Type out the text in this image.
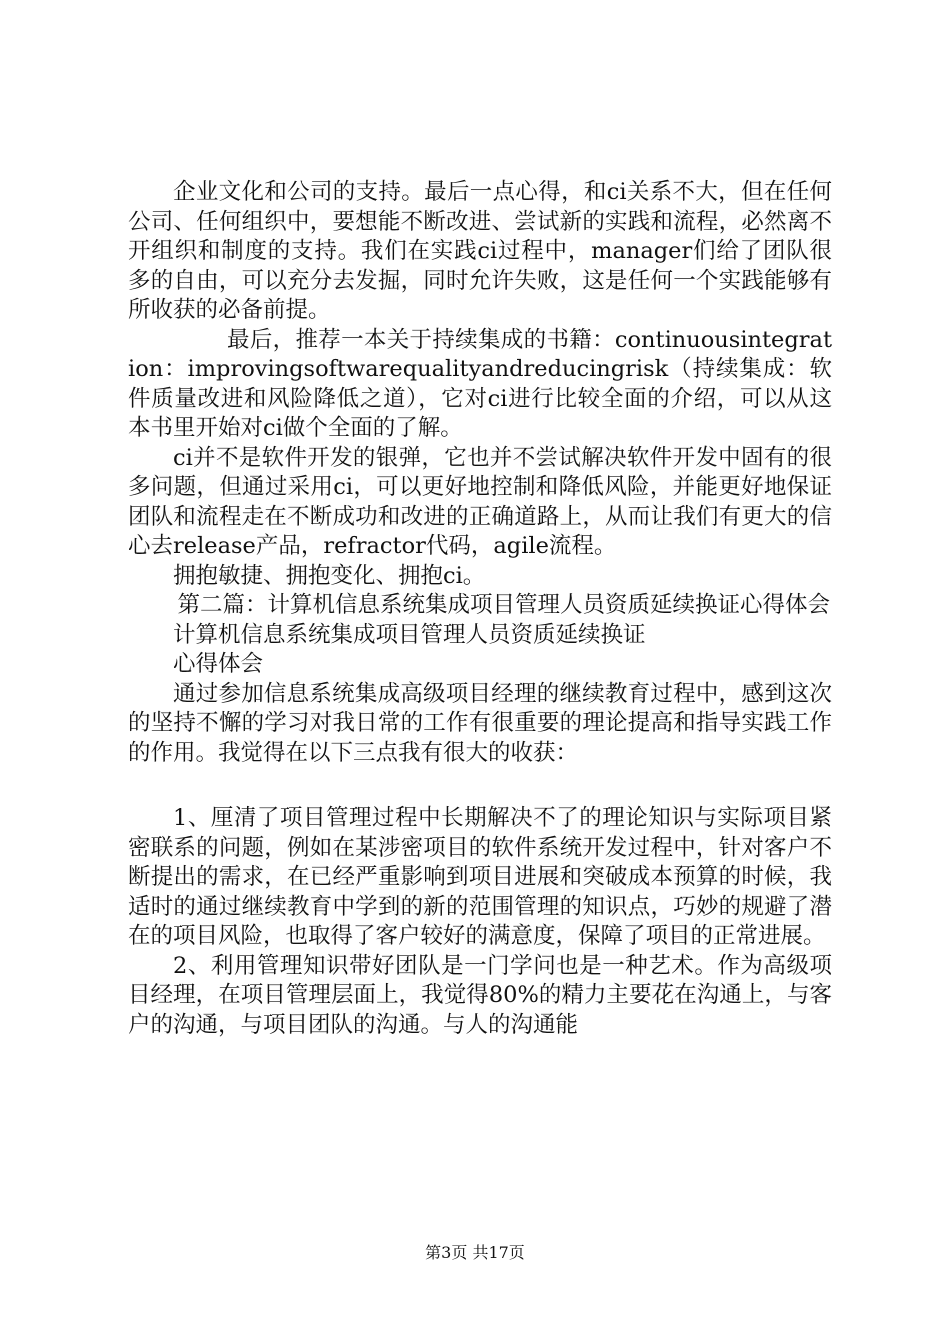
企业文化和公司的支持。最后一点心得，和ci关系不大，但在任何公司、任何组织中，要想能不断改进、尝试新的实践和流程，必然离不开组织和制度的支持。我们在实践ci过程中，manager们给了团队很多的自由，可以充分去发掘，同时允许失败，这是任何一个实践能够有所收获的必备前提。

最后，推荐一本关于持续集成的书籍：continuousintegration：improvingsoftwarequalityandreducingrisk（持续集成：软件质量改进和风险降低之道），它对ci进行比较全面的介绍，可以从这本书里开始对ci做个全面的了解。

ci并不是软件开发的银弹，它也并不尝试解决软件开发中固有的很多问题，但通过采用ci，可以更好地控制和降低风险，并能更好地保证团队和流程走在不断成功和改进的正确道路上，从而让我们有更大的信心去release产品，refractor代码，agile流程。

拥抱敏捷、拥抱变化、拥抱ci。

第二篇：计算机信息系统集成项目管理人员资质延续换证心得体会

计算机信息系统集成项目管理人员资质延续换证

心得体会

通过参加信息系统集成高级项目经理的继续教育过程中，感到这次的坚持不懈的学习对我日常的工作有很重要的理论提高和指导实践工作的作用。我觉得在以下三点我有很大的收获：

1、厘清了项目管理过程中长期解决不了的理论知识与实际项目紧密联系的问题，例如在某涉密项目的软件系统开发过程中，针对客户不断提出的需求，在已经严重影响到项目进展和突破成本预算的时候，我适时的通过继续教育中学到的新的范围管理的知识点，巧妙的规避了潜在的项目风险，也取得了客户较好的满意度，保障了项目的正常进展。

2、利用管理知识带好团队是一门学问也是一种艺术。作为高级项目经理，在项目管理层面上，我觉得80%的精力主要花在沟通上，与客户的沟通，与项目团队的沟通。与人的沟通能

第3页 共17页
